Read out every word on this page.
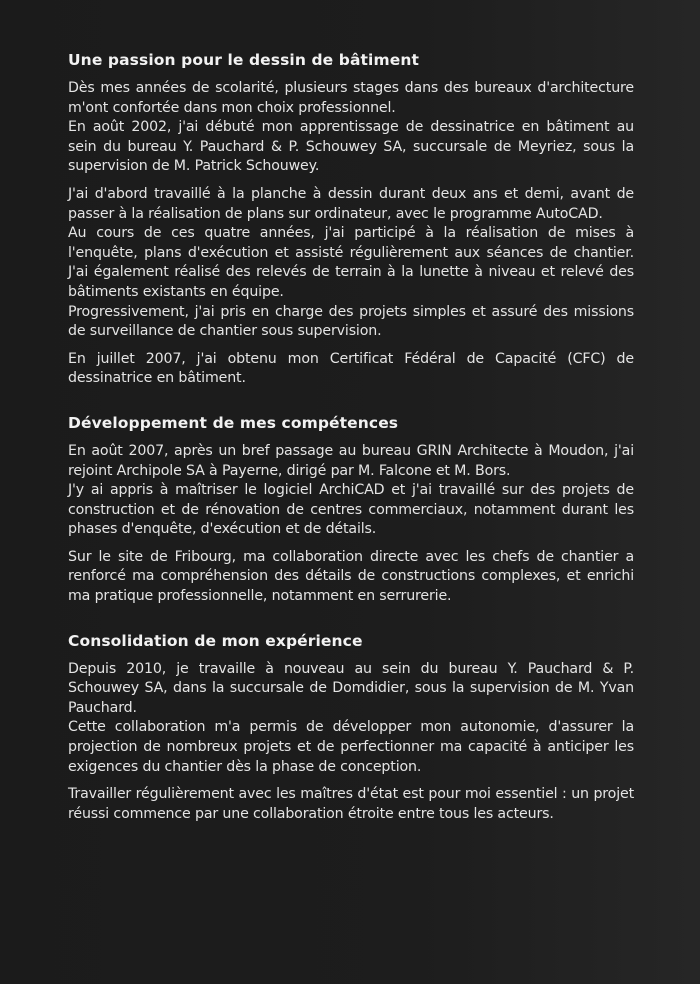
Une passion pour le dessin de bâtiment

Dès mes années de scolarité, plusieurs stages dans des bureaux d'architecture m'ont confortée dans mon choix professionnel.
En août 2002, j'ai débuté mon apprentissage de dessinatrice en bâtiment au sein du bureau Y. Pauchard & P. Schouwey SA, succursale de Meyriez, sous la supervision de M. Patrick Schouwey.

J'ai d'abord travaillé à la planche à dessin durant deux ans et demi, avant de passer à la réalisation de plans sur ordinateur, avec le programme AutoCAD.
Au cours de ces quatre années, j'ai participé à la réalisation de mises à l'enquête, plans d'exécution et assisté régulièrement aux séances de chantier. J'ai également réalisé des relevés de terrain à la lunette à niveau et relevé des bâtiments existants en équipe.
Progressivement, j'ai pris en charge des projets simples et assuré des missions de surveillance de chantier sous supervision.

En juillet 2007, j'ai obtenu mon Certificat Fédéral de Capacité (CFC) de dessinatrice en bâtiment.

Développement de mes compétences

En août 2007, après un bref passage au bureau GRIN Architecte à Moudon, j'ai rejoint Archipole SA à Payerne, dirigé par M. Falcone et M. Bors.
J'y ai appris à maîtriser le logiciel ArchiCAD et j'ai travaillé sur des projets de construction et de rénovation de centres commerciaux, notamment durant les phases d'enquête, d'exécution et de détails.

Sur le site de Fribourg, ma collaboration directe avec les chefs de chantier a renforcé ma compréhension des détails de constructions complexes, et enrichi ma pratique professionnelle, notamment en serrurerie.

Consolidation de mon expérience

Depuis 2010, je travaille à nouveau au sein du bureau Y. Pauchard & P. Schouwey SA, dans la succursale de Domdidier, sous la supervision de M. Yvan Pauchard.
Cette collaboration m'a permis de développer mon autonomie, d'assurer la projection de nombreux projets et de perfectionner ma capacité à anticiper les exigences du chantier dès la phase de conception.

Travailler régulièrement avec les maîtres d'état est pour moi essentiel : un projet réussi commence par une collaboration étroite entre tous les acteurs.
